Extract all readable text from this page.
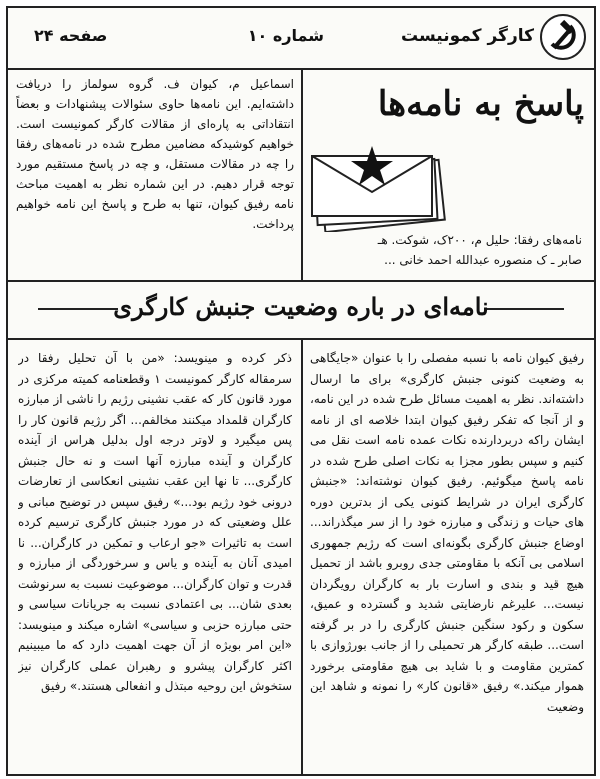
کارگر کمونیست
شماره ۱۰
صفحه ۲۴
پاسخ به نامه‌ها
نامه‌های رفقا: حلیل م، ۲۰۰ک، شوکت. هـ
صابر ـ ک منصوره عبدالله احمد خانی ...
اسماعیل م، کیوان ف. گروه سولماز را دریافت داشته‌ایم. این نامه‌ها حاوی سئوالات پیشنهادات و بعضاً انتقاداتی به پاره‌ای از مقالات کارگر کمونیست است. خواهیم کوشیدکه مضامین مطرح شده در نامه‌های رفقا را چه در مقالات مستقل، و چه در پاسخ مستقیم مورد توجه قرار دهیم. در این شماره نظر به اهمیت مباحث نامه رفیق کیوان، تنها به طرح و پاسخ این نامه خواهیم پرداخت.
نامه‌ای در باره وضعیت جنبش کارگری

رفیق کیوان نامه‌ با نسبه مفصلی را با عنوان «جایگاهی به وضعیت کنونی جنبش کارگری» برای ما ارسال داشته‌اند. نظر به اهمیت مسائل طرح شده در این نامه، و از آنجا که تفکر رفیق کیوان ابتدا خلاصه ای از نامه ایشان راکه دربردارنده نکات عمده نامه است نقل می کنیم و سپس بطور مجزا به نکات اصلی طرح شده در نامه پاسخ میگوئیم. رفیق کیوان نوشته‌اند: «جنبش کارگری ایران در شرایط کنونی یکی از بدترین دوره های حیات و زندگی و مبارزه خود را از سر میگذراند... اوضاع جنبش کارگری بگونه‌ای است که رژیم جمهوری اسلامی بی آنکه با مقاومتی جدی روبرو باشد از تحمیل هیچ قید و بندی و اسارت بار به کارگران رویگردان نیست... علیرغم نارضایتی شدید و گسترده و عمیق، سکون و رکود سنگین جنبش کارگری را در بر گرفته است... طبقه کارگر هر تحمیلی را از جانب بورژوازی با کمترین مقاومت و با شاید بی هیچ مقاومتی برخورد هموار میکند.» رفیق «قانون کار» را نمونه و شاهد این وضعیت

ذکر کرده و مینویسد: «من با آن تحلیل رفقا در سرمقاله کارگر کمونیست ۱ وقطعنامه کمیته مرکزی در مورد قانون کار که عقب نشینی رژیم را ناشی از مبارزه کارگران قلمداد میکنند مخالفم... اگر رژیم قانون کار را پس میگیرد و لاوتر درجه اول بدلیل هراس از آینده کارگران و آینده مبارزه آنها است و نه حال جنبش کارگری... تا نها این عقب نشینی انعکاسی از تعارضات درونی خود رژیم بود...» رفیق سپس در توضیح مبانی و علل وضعیتی که در مورد جنبش کارگری ترسیم کرده است به تاثیرات «جو ارعاب و تمکین در کارگران... نا امیدی آنان به آینده و یاس و سرخوردگی از مبارزه و قدرت و توان کارگران... موضوعیت نسبت به سرنوشت بعدی شان... بی اعتمادی نسبت به جریانات سیاسی و حتی مبارزه حزبی و سیاسی» اشاره میکند و مینویسد: «این امر بویژه از آن جهت اهمیت دارد که ما میبینیم اکثر کارگران پیشرو و رهبران عملی کارگران نیز ستخوش این روحیه مبتذل و انفعالی هستند.» رفیق
